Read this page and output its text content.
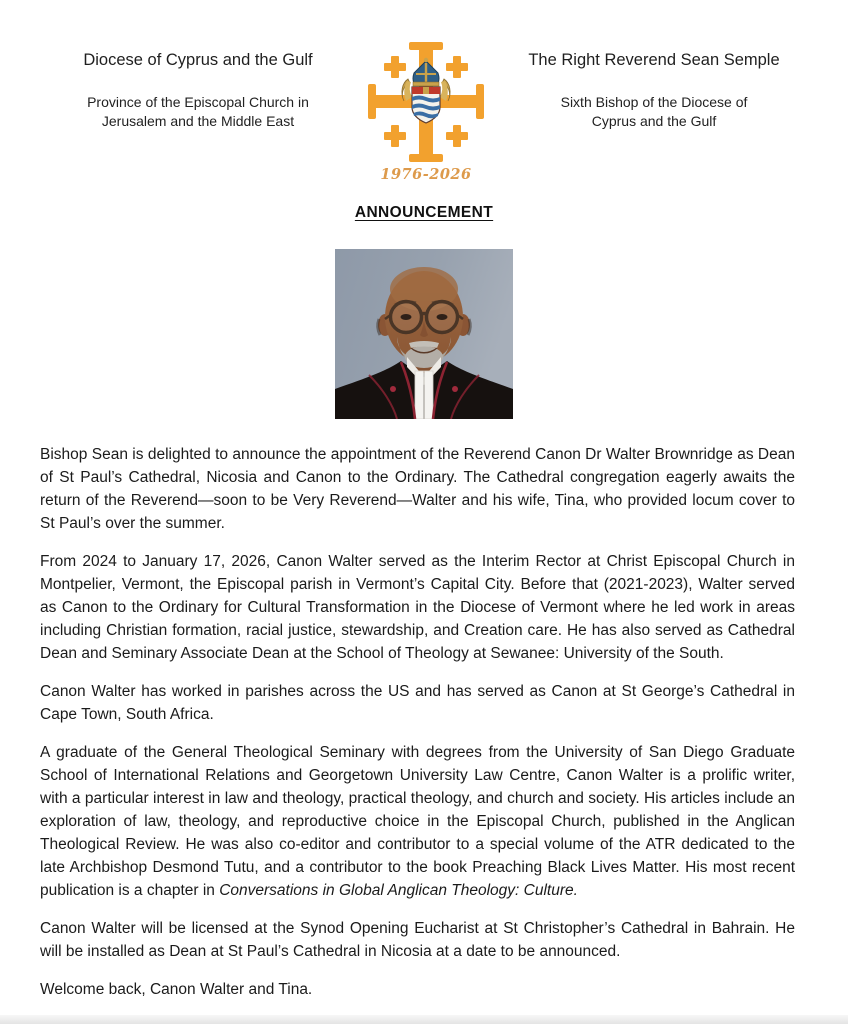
Diocese of Cyprus and the Gulf
Province of the Episcopal Church in
Jerusalem and the Middle East
1976-2026
The Right Reverend Sean Semple
Sixth Bishop of the Diocese of
Cyprus and the Gulf
ANNOUNCEMENT

Bishop Sean is delighted to announce the appointment of the Reverend Canon Dr Walter Brownridge as Dean of St Paul’s Cathedral, Nicosia and Canon to the Ordinary. The Cathedral congregation eagerly awaits the return of the Reverend—soon to be Very Reverend—Walter and his wife, Tina, who provided locum cover to St Paul’s over the summer.

From 2024 to January 17, 2026, Canon Walter served as the Interim Rector at Christ Episcopal Church in Montpelier, Vermont, the Episcopal parish in Vermont’s Capital City. Before that (2021-2023), Walter served as Canon to the Ordinary for Cultural Transformation in the Diocese of Vermont where he led work in areas including Christian formation, racial justice, stewardship, and Creation care. He has also served as Cathedral Dean and Seminary Associate Dean at the School of Theology at Sewanee: University of the South.

Canon Walter has worked in parishes across the US and has served as Canon at St George’s Cathedral in Cape Town, South Africa.

A graduate of the General Theological Seminary with degrees from the University of San Diego Graduate School of International Relations and Georgetown University Law Centre, Canon Walter is a prolific writer, with a particular interest in law and theology, practical theology, and church and society. His articles include an exploration of law, theology, and reproductive choice in the Episcopal Church, published in the Anglican Theological Review. He was also co-editor and contributor to a special volume of the ATR dedicated to the late Archbishop Desmond Tutu, and a contributor to the book Preaching Black Lives Matter. His most recent publication is a chapter in Conversations in Global Anglican Theology: Culture.

Canon Walter will be licensed at the Synod Opening Eucharist at St Christopher’s Cathedral in Bahrain. He will be installed as Dean at St Paul’s Cathedral in Nicosia at a date to be announced.

Welcome back, Canon Walter and Tina.
